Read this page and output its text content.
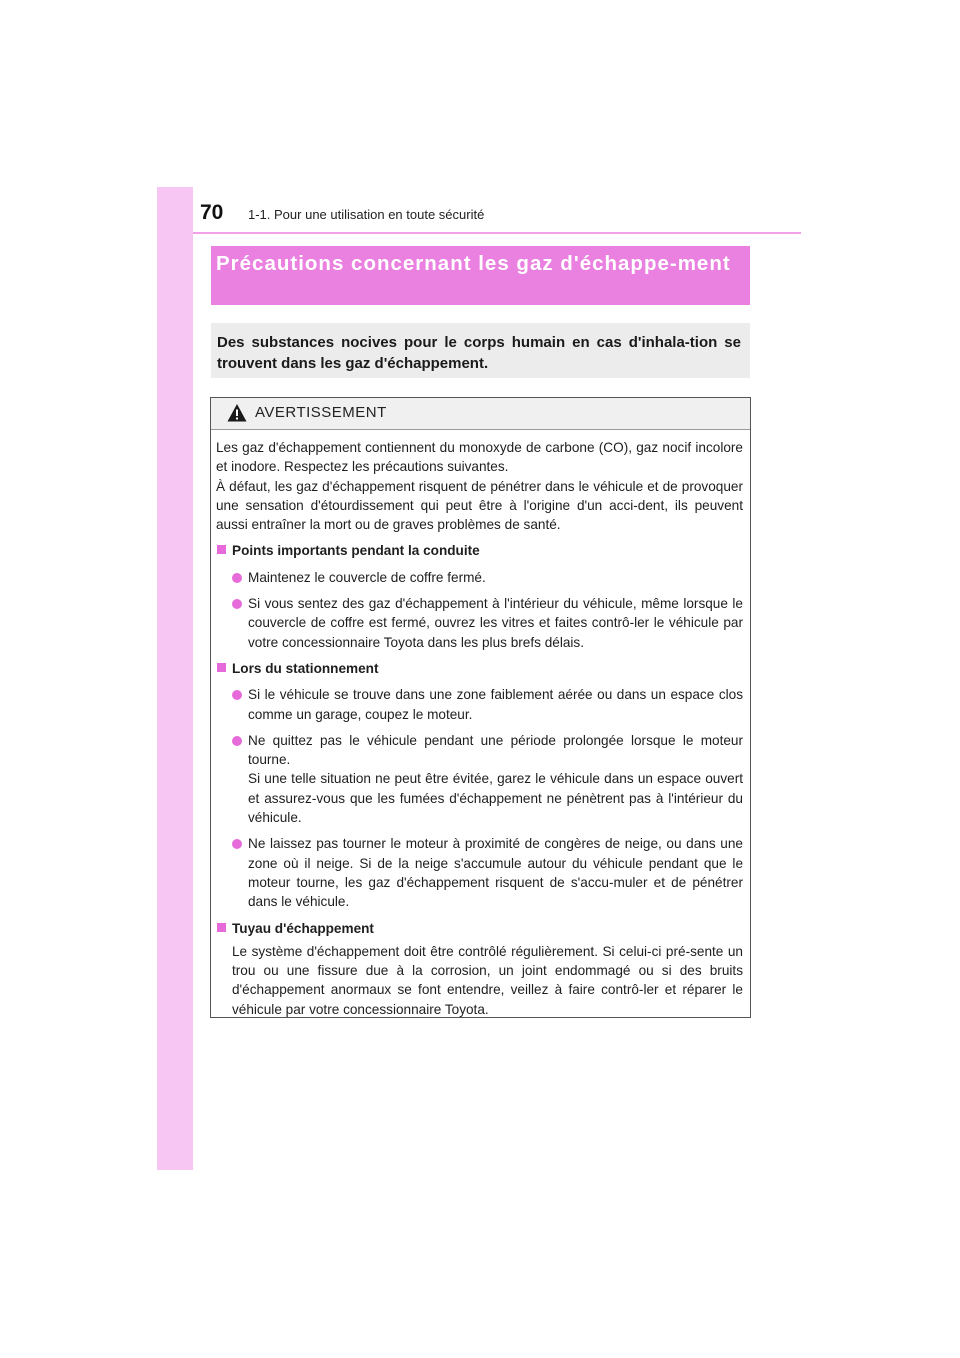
70 1-1. Pour une utilisation en toute sécurité
Précautions concernant les gaz d'échappe-ment
Des substances nocives pour le corps humain en cas d'inhala-tion se trouvent dans les gaz d'échappement.
AVERTISSEMENT

Les gaz d'échappement contiennent du monoxyde de carbone (CO), gaz nocif incolore et inodore. Respectez les précautions suivantes.

À défaut, les gaz d'échappement risquent de pénétrer dans le véhicule et de provoquer une sensation d'étourdissement qui peut être à l'origine d'un acci-dent, ils peuvent aussi entraîner la mort ou de graves problèmes de santé.

Points importants pendant la conduite
Maintenez le couvercle de coffre fermé.
Si vous sentez des gaz d'échappement à l'intérieur du véhicule, même lorsque le couvercle de coffre est fermé, ouvrez les vitres et faites contrô-ler le véhicule par votre concessionnaire Toyota dans les plus brefs délais.
Lors du stationnement
Si le véhicule se trouve dans une zone faiblement aérée ou dans un espace clos comme un garage, coupez le moteur.
Ne quittez pas le véhicule pendant une période prolongée lorsque le moteur tourne.
Si une telle situation ne peut être évitée, garez le véhicule dans un espace ouvert et assurez-vous que les fumées d'échappement ne pénètrent pas à l'intérieur du véhicule.
Ne laissez pas tourner le moteur à proximité de congères de neige, ou dans une zone où il neige. Si de la neige s'accumule autour du véhicule pendant que le moteur tourne, les gaz d'échappement risquent de s'accu-muler et de pénétrer dans le véhicule.
Tuyau d'échappement

Le système d'échappement doit être contrôlé régulièrement. Si celui-ci pré-sente un trou ou une fissure due à la corrosion, un joint endommagé ou si des bruits d'échappement anormaux se font entendre, veillez à faire contrô-ler et réparer le véhicule par votre concessionnaire Toyota.
